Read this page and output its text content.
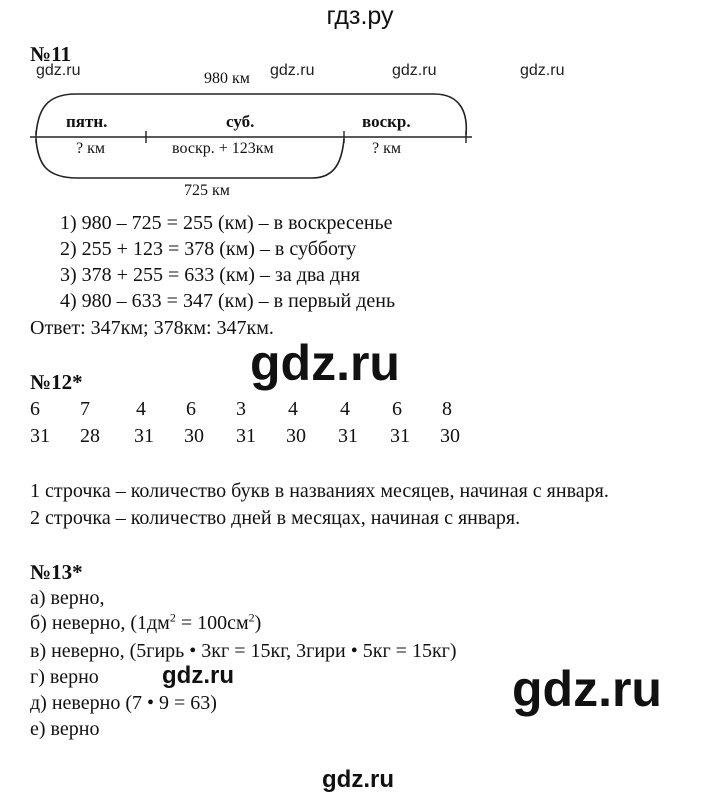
гдз.ру
№11
gdz.ru	gdz.ru	gdz.ru	gdz.ru
980 км
пятн.	суб.	воскр.
? км	воскр. + 123км	? км
725 км
1) 980 – 725 = 255 (км) – в воскресенье
2) 255 + 123 = 378 (км) – в субботу
3) 378 + 255 = 633 (км) – за два дня
4) 980 – 633 = 347 (км) – в первый день
Ответ: 347км; 378км: 347км.
gdz.ru
№12*
6 7 4 6 3 4 4 6 8
31 28 31 30 31 30 31 31 30
1 строчка – количество букв в названиях месяцев, начиная с января.
2 строчка – количество дней в месяцах, начиная с января.
№13*
а) верно,
б) неверно, $(1дм^2 = 100см^2)$
в) неверно, (5гирь • 3кг = 15кг, 3гири • 5кг = 15кг)
г) верно
д) неверно (7 • 9 = 63)
е) верно
gdz.ru	gdz.ru
gdz.ru
